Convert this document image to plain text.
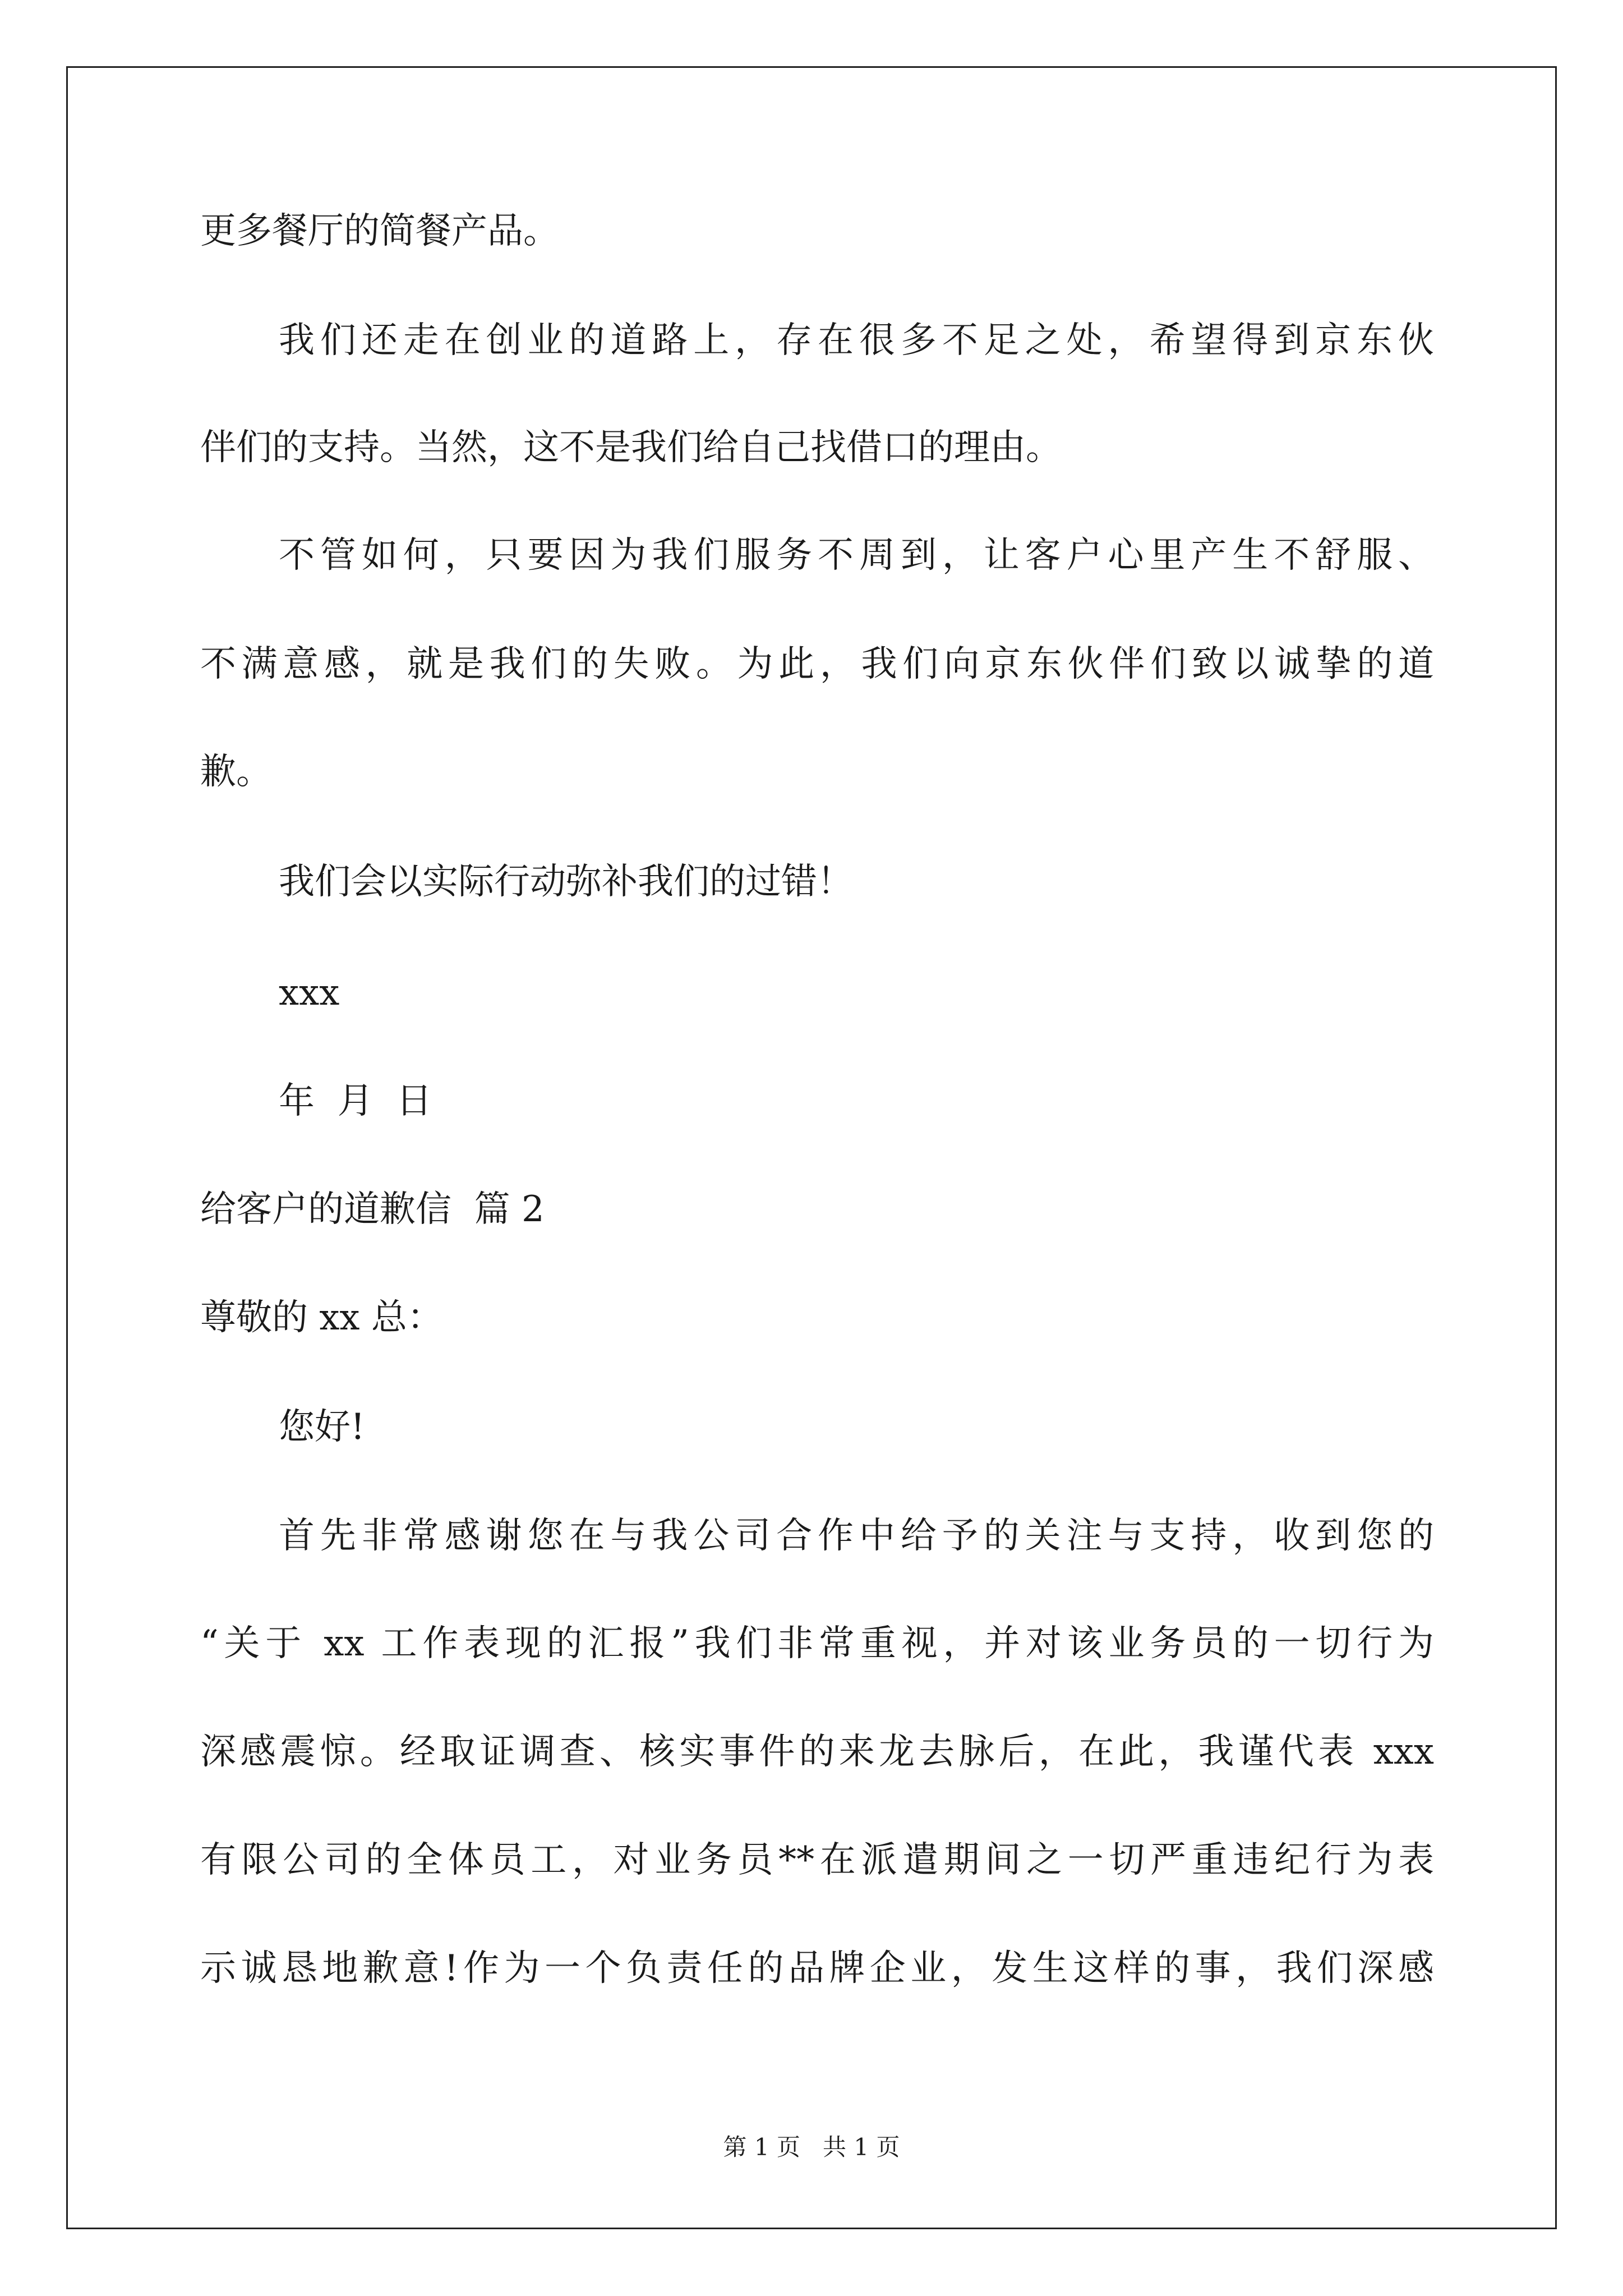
更多餐厅的简餐产品。
我们还走在创业的道路上，存在很多不足之处，希望得到京东伙
伴们的支持。当然，这不是我们给自己找借口的理由。
不管如何，只要因为我们服务不周到，让客户心里产生不舒服、
不满意感，就是我们的失败。为此，我们向京东伙伴们致以诚挚的道
歉。
我们会以实际行动弥补我们的过错！
xxx
年  月  日
给客户的道歉信  篇 2
尊敬的 xx 总：
您好!
首先非常感谢您在与我公司合作中给予的关注与支持，收到您的
“关于 xx 工作表现的汇报”我们非常重视，并对该业务员的一切行为
深感震惊。经取证调查、核实事件的来龙去脉后，在此，我谨代表 xxx
有限公司的全体员工，对业务员**在派遣期间之一切严重违纪行为表
示诚恳地歉意!作为一个负责任的品牌企业，发生这样的事，我们深感
第 1 页   共 1 页
